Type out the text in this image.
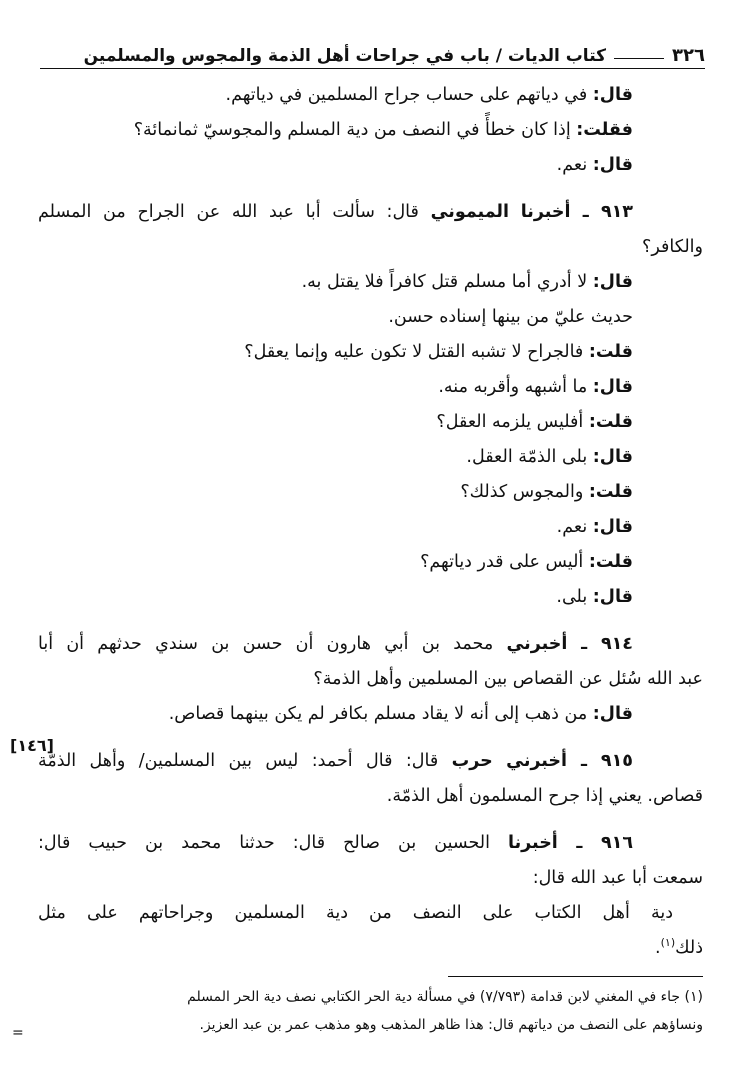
٣٢٦
كتاب الديات / باب في جراحات أهل الذمة والمجوس والمسلمين
قال: في دياتهم على حساب جراح المسلمين في دياتهم.
فقلت: إذا كان خطأً في النصف من دية المسلم والمجوسيّ ثمانمائة؟
قال: نعم.
٩١٣ ـ أخبرنا الميموني قال: سألت أبا عبد الله عن الجراح من المسلم
والكافر؟
قال: لا أدري أما مسلم قتل كافراً فلا يقتل به.
حديث عليّ من بينها إسناده حسن.
قلت: فالجراح لا تشبه القتل لا تكون عليه وإنما يعقل؟
قال: ما أشبهه وأقربه منه.
قلت: أفليس يلزمه العقل؟
قال: بلى الذمّة العقل.
قلت: والمجوس كذلك؟
قال: نعم.
قلت: أليس على قدر دياتهم؟
قال: بلى.
٩١٤ ـ أخبرني محمد بن أبي هارون أن حسن بن سندي حدثهم أن أبا
عبد الله سُئل عن القصاص بين المسلمين وأهل الذمة؟
قال: من ذهب إلى أنه لا يقاد مسلم بكافر لم يكن بينهما قصاص.
٩١٥ ـ أخبرني حرب قال: قال أحمد: ليس بين المسلمين/ وأهل الذمّة
قصاص. يعني إذا جرح المسلمون أهل الذمّة.
٩١٦ ـ أخبرنا الحسين بن صالح قال: حدثنا محمد بن حبيب قال:
سمعت أبا عبد الله قال:
دية أهل الكتاب على النصف من دية المسلمين وجراحاتهم على مثل
ذلك$^{(١)}$.
[١٤٦]
(١) جاء في المغني لابن قدامة (٧/٧٩٣) في مسألة دية الحر الكتابي نصف دية الحر المسلم
ونساؤهم على النصف من دياتهم قال: هذا ظاهر المذهب وهو مذهب عمر بن عبد العزيز.
=
